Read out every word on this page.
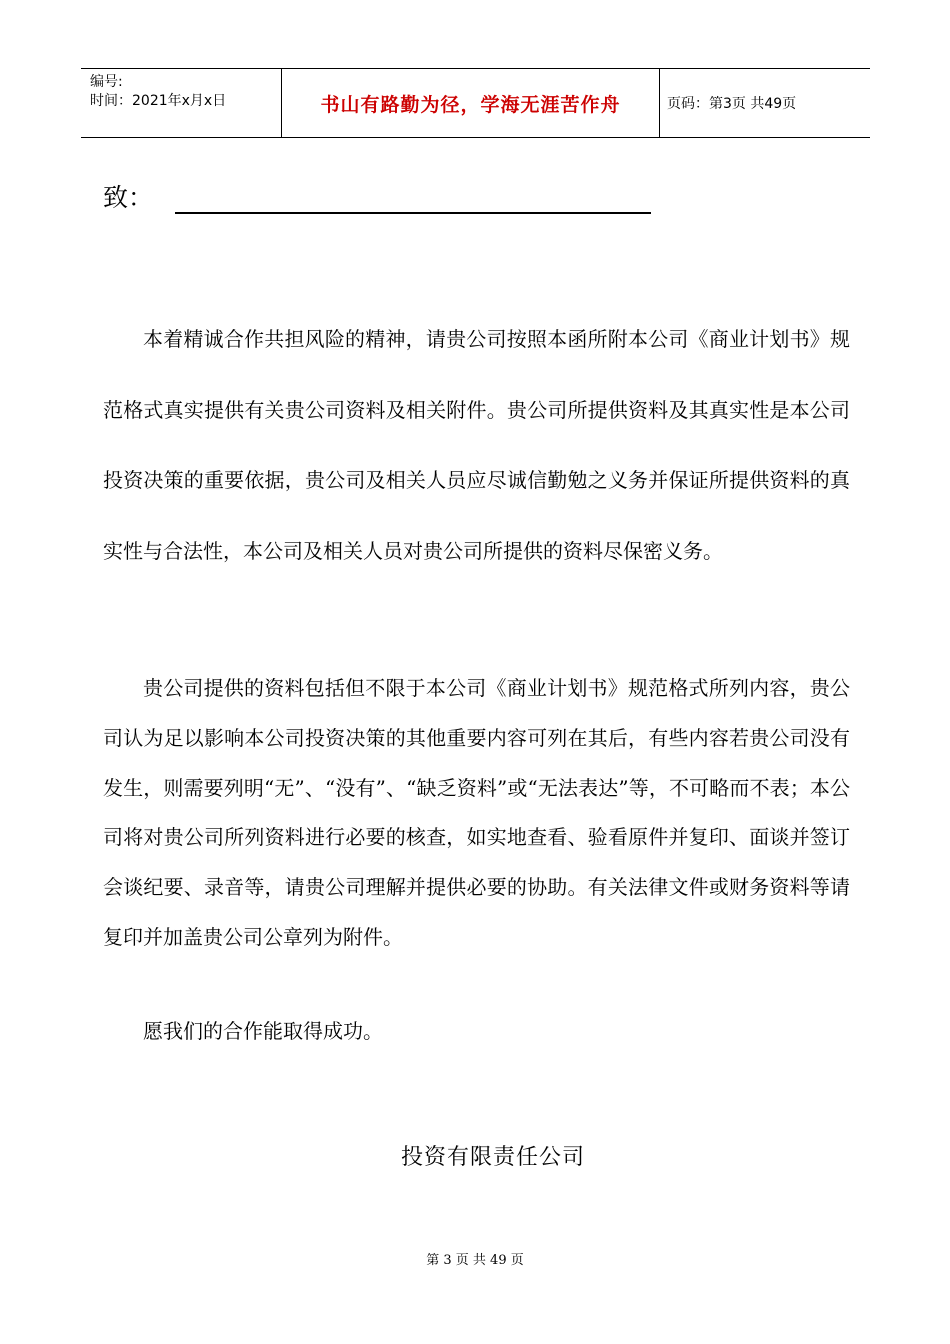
编号:
时间：2021年x月x日	书山有路勤为径，学海无涯苦作舟	页码：第3页 共49页
致：

本着精诚合作共担风险的精神，请贵公司按照本函所附本公司《商业计划书》规范格式真实提供有关贵公司资料及相关附件。贵公司所提供资料及其真实性是本公司投资决策的重要依据，贵公司及相关人员应尽诚信勤勉之义务并保证所提供资料的真实性与合法性，本公司及相关人员对贵公司所提供的资料尽保密义务。

贵公司提供的资料包括但不限于本公司《商业计划书》规范格式所列内容，贵公司认为足以影响本公司投资决策的其他重要内容可列在其后，有些内容若贵公司没有发生，则需要列明“无”、“没有”、“缺乏资料”或“无法表达”等，不可略而不表；本公司将对贵公司所列资料进行必要的核查，如实地查看、验看原件并复印、面谈并签订会谈纪要、录音等，请贵公司理解并提供必要的协助。有关法律文件或财务资料等请复印并加盖贵公司公章列为附件。

愿我们的合作能取得成功。

投资有限责任公司
第 3 页 共 49 页
